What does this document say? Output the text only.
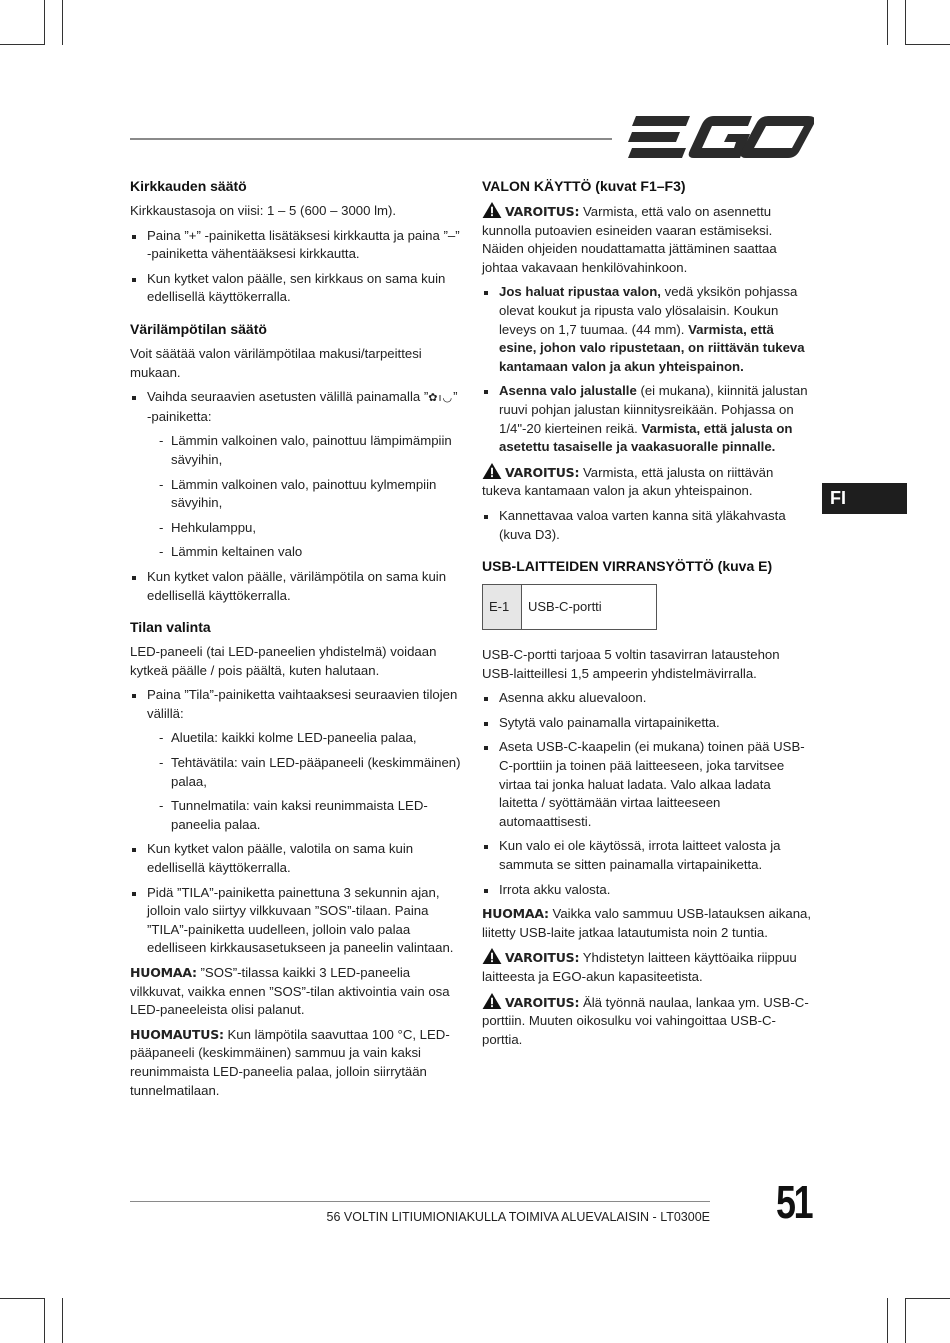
Kirkkauden säätö

Kirkkaustasoja on viisi: 1 – 5 (600 – 3000 lm).

Paina ”+” -painiketta lisätäksesi kirkkautta ja paina ”–” -painiketta vähentääksesi kirkkautta.
Kun kytket valon päälle, sen kirkkaus on sama kuin edellisellä käyttökerralla.
Värilämpötilan säätö

Voit säätää valon värilämpötilaa makusi/tarpeittesi mukaan.

Vaihda seuraavien asetusten välillä painamalla ”✿ı◡” -painiketta:
- Lämmin valkoinen valo, painottuu lämpimämpiin sävyihin,
- Lämmin valkoinen valo, painottuu kylmempiin sävyihin,
- Hehkulamppu,
- Lämmin keltainen valo
Kun kytket valon päälle, värilämpötila on sama kuin edellisellä käyttökerralla.
Tilan valinta

LED-paneeli (tai LED-paneelien yhdistelmä) voidaan kytkeä päälle / pois päältä, kuten halutaan.

Paina ”Tila”-painiketta vaihtaaksesi seuraavien tilojen välillä:
- Aluetila: kaikki kolme LED-paneelia palaa,
- Tehtävätila: vain LED-pääpaneeli (keskimmäinen) palaa,
- Tunnelmatila: vain kaksi reunimmaista LED-paneelia palaa.
Kun kytket valon päälle, valotila on sama kuin edellisellä käyttökerralla.
Pidä ”TILA”-painiketta painettuna 3 sekunnin ajan, jolloin valo siirtyy vilkkuvaan ”SOS”-tilaan. Paina ”TILA”-painiketta uudelleen, jolloin valo palaa edelliseen kirkkausasetukseen ja paneelin valintaan.

HUOMAA: ”SOS”-tilassa kaikki 3 LED-paneelia vilkkuvat, vaikka ennen ”SOS”-tilan aktivointia vain osa LED-paneeleista olisi palanut.

HUOMAUTUS: Kun lämpötila saavuttaa 100 °C, LED-pääpaneeli (keskimmäinen) sammuu ja vain kaksi reunimmaista LED-paneelia palaa, jolloin siirrytään tunnelmatilaan.

VALON KÄYTTÖ (kuvat F1–F3)

VAROITUS: Varmista, että valo on asennettu kunnolla putoavien esineiden vaaran estämiseksi. Näiden ohjeiden noudattamatta jättäminen saattaa johtaa vakavaan henkilövahinkoon.

Jos haluat ripustaa valon, vedä yksikön pohjassa olevat koukut ja ripusta valo ylösalaisin. Koukun leveys on 1,7 tuumaa. (44 mm). Varmista, että esine, johon valo ripustetaan, on riittävän tukeva kantamaan valon ja akun yhteispainon.
Asenna valo jalustalle (ei mukana), kiinnitä jalustan ruuvi pohjan jalustan kiinnitysreikään. Pohjassa on 1/4"-20 kierteinen reikä. Varmista, että jalusta on asetettu tasaiselle ja vaakasuoralle pinnalle.

VAROITUS: Varmista, että jalusta on riittävän tukeva kantamaan valon ja akun yhteispainon.

Kannettavaa valoa varten kanna sitä yläkahvasta (kuva D3).
USB-LAITTEIDEN VIRRANSYÖTTÖ (kuva E)
E-1	USB-C-portti

USB-C-portti tarjoaa 5 voltin tasavirran lataustehon USB-laitteillesi 1,5 ampeerin yhdistelmävirralla.

Asenna akku aluevaloon.
Sytytä valo painamalla virtapainiketta.
Aseta USB-C-kaapelin (ei mukana) toinen pää USB-C-porttiin ja toinen pää laitteeseen, joka tarvitsee virtaa tai jonka haluat ladata. Valo alkaa ladata laitetta / syöttämään virtaa laitteeseen automaattisesti.
Kun valo ei ole käytössä, irrota laitteet valosta ja sammuta se sitten painamalla virtapainiketta.
Irrota akku valosta.

HUOMAA: Vaikka valo sammuu USB-latauksen aikana, liitetty USB-laite jatkaa latautumista noin 2 tuntia.

VAROITUS: Yhdistetyn laitteen käyttöaika riippuu laitteesta ja EGO-akun kapasiteetista.

VAROITUS: Älä työnnä naulaa, lankaa ym. USB-C-porttiin. Muuten oikosulku voi vahingoittaa USB-C-porttia.

FI
56 VOLTIN LITIUMIONIAKULLA TOIMIVA ALUEVALAISIN - LT0300E 51
